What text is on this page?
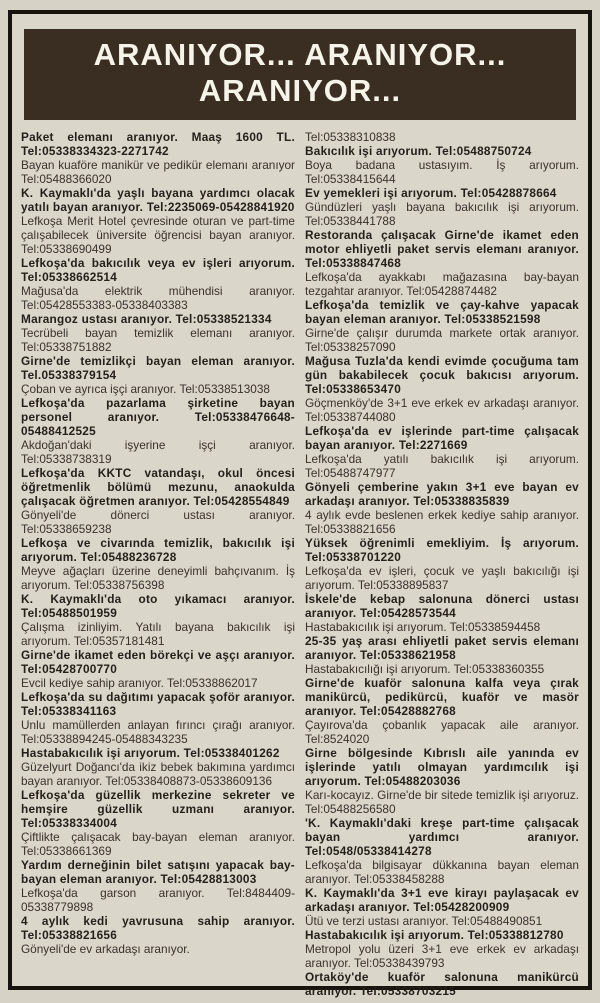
ARANIYOR... ARANIYOR... ARANIYOR...

Paket elemanı aranıyor. Maaş 1600 TL. Tel:05338334323-2271742

Bayan kuaföre manikür ve pedikür elemanı aranıyor Tel:05488366020

K. Kaymaklı'da yaşlı bayana yardımcı olacak yatılı bayan aranıyor. Tel:2235069-05428841920

Lefkoşa Merit Hotel çevresinde oturan ve part-time çalışabilecek üniversite öğrencisi bayan aranıyor. Tel:05338690499

Lefkoşa'da bakıcılık veya ev işleri arıyorum. Tel:05338662514

Mağusa'da elektrik mühendisi aranıyor. Tel:05428553383-05338403383

Marangoz ustası aranıyor. Tel:05338521334

Tecrübeli bayan temizlik elemanı aranıyor. Tel:05338751882

Girne'de temizlikçi bayan eleman aranıyor. Tel.05338379154

Çoban ve ayrıca işçi aranıyor. Tel:05338513038

Lefkoşa'da pazarlama şirketine bayan personel aranıyor. Tel:05338476648-05488412525

Akdoğan'daki işyerine işçi aranıyor. Tel:05338738319

Lefkoşa'da KKTC vatandaşı, okul öncesi öğretmenlik bölümü mezunu, anaokulda çalışacak öğretmen aranıyor. Tel:05428554849

Gönyeli'de dönerci ustası aranıyor. Tel:05338659238

Lefkoşa ve civarında temizlik, bakıcılık işi arıyorum. Tel:05488236728

Meyve ağaçları üzerine deneyimli bahçıvanım. İş arıyorum. Tel:05338756398

K. Kaymaklı'da oto yıkamacı aranıyor. Tel:05488501959

Çalışma izinliyim. Yatılı bayana bakıcılık işi arıyorum. Tel:05357181481

Girne'de ikamet eden börekçi ve aşçı aranıyor. Tel:05428700770

Evcil kediye sahip aranıyor. Tel:05338862017

Lefkoşa'da su dağıtımı yapacak şoför aranıyor. Tel:05338341163

Unlu mamüllerden anlayan fırıncı çırağı aranıyor. Tel:05338894245-05488343235

Hastabakıcılık işi arıyorum. Tel:05338401262

Güzelyurt Doğancı'da ikiz bebek bakımına yardımcı bayan aranıyor. Tel:05338408873-05338609136

Lefkoşa'da güzellik merkezine sekreter ve hemşire güzellik uzmanı aranıyor. Tel:05338334004

Çiftlikte çalışacak bay-bayan eleman aranıyor. Tel:05338661369

Yardım derneğinin bilet satışını yapacak bay-bayan eleman aranıyor. Tel:05428813003

Lefkoşa'da garson aranıyor. Tel:8484409-05338779898

4 aylık kedi yavrusuna sahip aranıyor. Tel:05338821656

Gönyeli'de ev arkadaşı aranıyor.

Tel:05338310838

Bakıcılık işi arıyorum. Tel:05488750724

Boya badana ustasıyım. İş arıyorum. Tel:05338415644

Ev yemekleri işi arıyorum. Tel:05428878664

Gündüzleri yaşlı bayana bakıcılık işi arıyorum. Tel:05338441788

Restoranda çalışacak Girne'de ikamet eden motor ehliyetli paket servis elemanı aranıyor. Tel:05338847468

Lefkoşa'da ayakkabı mağazasına bay-bayan tezgahtar aranıyor. Tel:05428874482

Lefkoşa'da temizlik ve çay-kahve yapacak bayan eleman aranıyor. Tel:05338521598

Girne'de çalışır durumda markete ortak aranıyor. Tel:05338257090

Mağusa Tuzla'da kendi evimde çocuğuma tam gün bakabilecek çocuk bakıcısı arıyorum. Tel:05338653470

Göçmenköy'de 3+1 eve erkek ev arkadaşı aranıyor. Tel:05338744080

Lefkoşa'da ev işlerinde part-time çalışacak bayan aranıyor. Tel:2271669

Lefkoşa'da yatılı bakıcılık işi arıyorum. Tel:05488747977

Gönyeli çemberine yakın 3+1 eve bayan ev arkadaşı aranıyor. Tel:05338835839

4 aylık evde beslenen erkek kediye sahip aranıyor. Tel:05338821656

Yüksek öğrenimli emekliyim. İş arıyorum. Tel:05338701220

Lefkoşa'da ev işleri, çocuk ve yaşlı bakıcılığı işi arıyorum. Tel:05338895837

İskele'de kebap salonuna dönerci ustası aranıyor. Tel:05428573544

Hastabakıcılık işi arıyorum. Tel:05338594458

25-35 yaş arası ehliyetli paket servis elemanı aranıyor. Tel:05338621958

Hastabakıcılığı işi arıyorum. Tel:05338360355

Girne'de kuaför salonuna kalfa veya çırak manikürcü, pedikürcü, kuaför ve masör aranıyor. Tel:05428882768

Çayırova'da çobanlık yapacak aile aranıyor. Tel:8524020

Girne bölgesinde Kıbrıslı aile yanında ev işlerinde yatılı olmayan yardımcılık işi arıyorum. Tel:05488203036

Karı-kocayız. Girne'de bir sitede temizlik işi arıyoruz. Tel:05488256580

'K. Kaymaklı'daki kreşe part-time çalışacak bayan yardımcı aranıyor. Tel:0548/05338414278

Lefkoşa'da bilgisayar dükkanına bayan eleman aranıyor. Tel:05338458288

K. Kaymaklı'da 3+1 eve kirayı paylaşacak ev arkadaşı aranıyor. Tel:05428200909

Ütü ve terzi ustası aranıyor. Tel:05488490851

Hastabakıcılık işi arıyorum. Tel:05338812780

Metropol yolu üzeri 3+1 eve erkek ev arkadaşı aranıyor. Tel:05338439793

Ortaköy'de kuaför salonuna manikürcü aranıyor. Tel:05338703215
